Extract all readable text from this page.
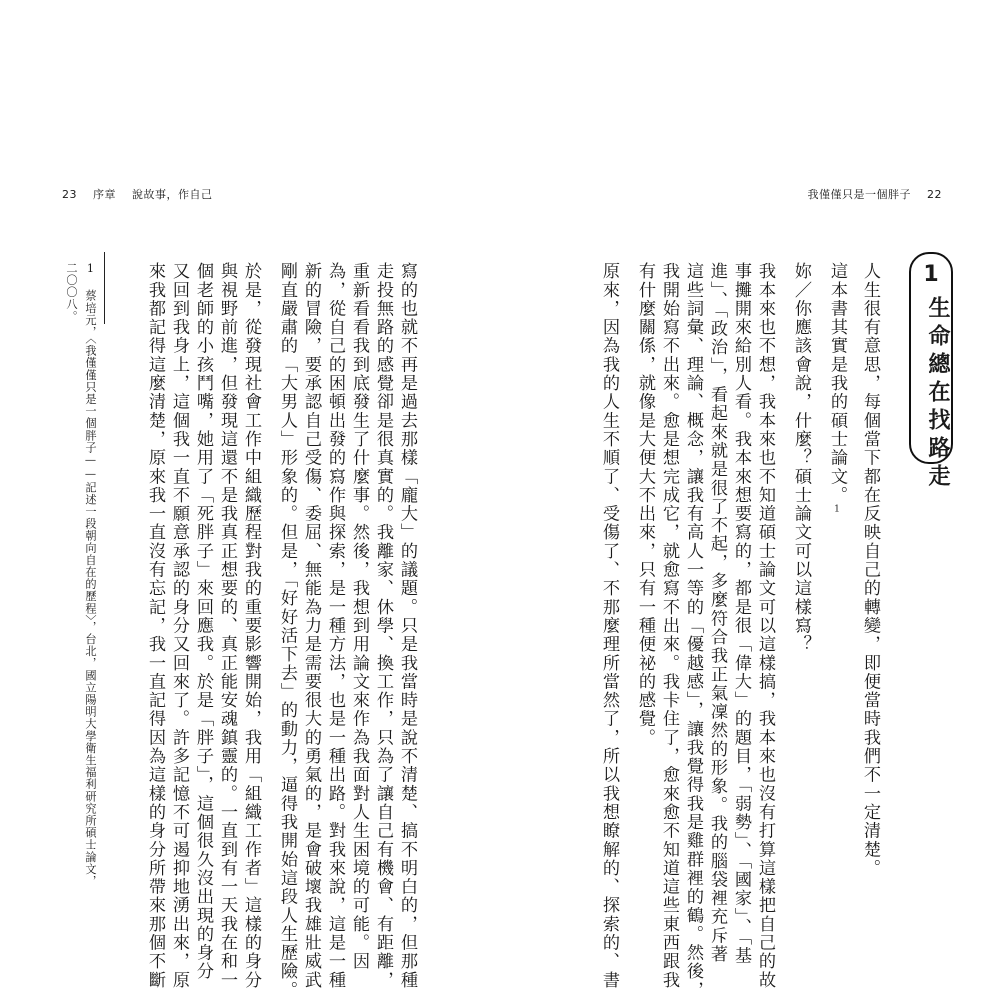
23 序章 說故事，作自己	我僅僅只是一個胖子 22
1
生命總在找路走
人生很有意思，每個當下都在反映自己的轉變，即便當時我們不一定清楚。
這本書其實是我的碩士論文。1
妳／你應該會說，什麼？碩士論文可以這樣寫？
我本來也不想，我本來也不知道碩士論文可以這樣搞，我本來也沒有打算這樣把自己的故
事攤開來給別人看。我本來想要寫的，都是很「偉大」的題目，「弱勢」、「國家」、「基
進」、「政治」，看起來就是很了不起，多麼符合我正氣凜然的形象。我的腦袋裡充斥著
這些詞彙、理論、概念，讓我有高人一等的「優越感」，讓我覺得我是雞群裡的鶴。然後，
我開始寫不出來。愈是想完成它，就愈寫不出來。我卡住了，愈來愈不知道這些東西跟我
有什麼關係，就像是大便大不出來，只有一種便祕的感覺。
原來，因為我的人生不順了、受傷了、不那麼理所當然了，所以我想瞭解的、探索的、書
寫的也就不再是過去那樣「龐大」的議題。只是我當時是說不清楚、搞不明白的，但那種
走投無路的感覺卻是很真實的。我離家、休學、換工作，只為了讓自己有機會、有距離，
重新看看我到底發生了什麼事。然後，我想到用論文來作為我面對人生困境的可能。因
為，從自己的困頓出發的寫作與探索，是一種方法，也是一種出路。對我來說，這是一種
新的冒險，要承認自己受傷、委屈、無能為力是需要很大的勇氣的，是會破壞我雄壯威武
剛直嚴肅的「大男人」形象的。但是，「好好活下去」的動力，逼得我開始這段人生歷險。
於是，從發現社會工作中組織歷程對我的重要影響開始，我用「組織工作者」這樣的身分
與視野前進，但發現這還不是我真正想要的、真正能安魂鎮靈的。一直到有一天我在和一
個老師的小孩鬥嘴，她用了「死胖子」來回應我。於是「胖子」，這個很久沒出現的身分
又回到我身上，這個我一直不願意承認的身分又回來了。許多記憶不可遏抑地湧出來，原
來我都記得這麼清楚，原來我一直沒有忘記，我一直記得因為這樣的身分所帶來那個不斷
1 蔡培元，〈我僅僅只是一個胖子——記述一段朝向自在的歷程〉，台北，國立陽明大學衛生福利研究所碩士論文，
二〇〇八。
